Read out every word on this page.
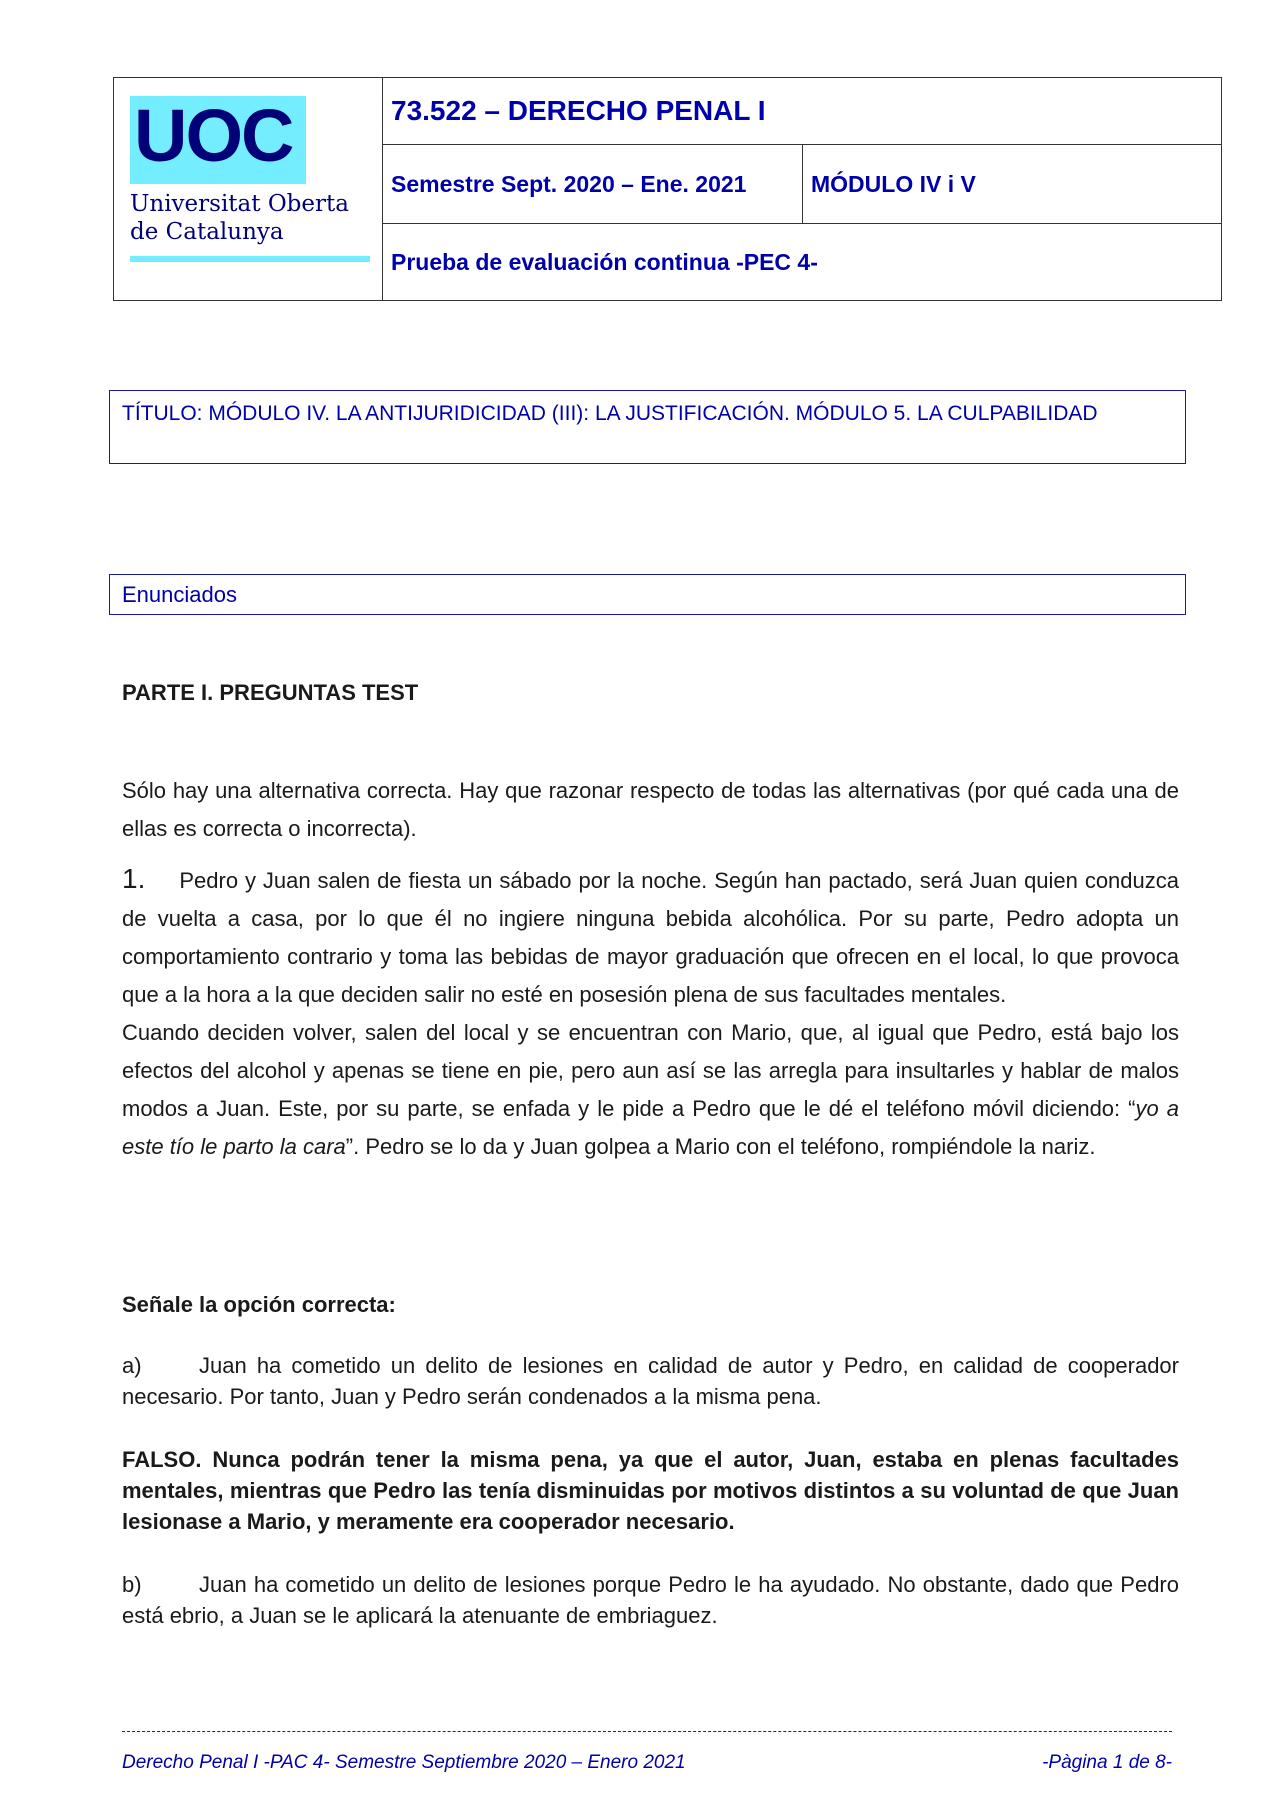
UOC
Universitat Oberta
de Catalunya
73.522 – DERECHO PENAL I
Semestre Sept. 2020 – Ene. 2021	MÓDULO IV i V
Prueba de evaluación continua -PEC 4-
TÍTULO: MÓDULO IV. LA ANTIJURIDICIDAD (III): LA JUSTIFICACIÓN. MÓDULO 5. LA CULPABILIDAD
Enunciados
PARTE I. PREGUNTAS TEST
Sólo hay una alternativa correcta. Hay que razonar respecto de todas las alternativas (por qué cada una de ellas es correcta o incorrecta).
1. Pedro y Juan salen de fiesta un sábado por la noche. Según han pactado, será Juan quien conduzca de vuelta a casa, por lo que él no ingiere ninguna bebida alcohólica. Por su parte, Pedro adopta un comportamiento contrario y toma las bebidas de mayor graduación que ofrecen en el local, lo que provoca que a la hora a la que deciden salir no esté en posesión plena de sus facultades mentales.
Cuando deciden volver, salen del local y se encuentran con Mario, que, al igual que Pedro, está bajo los efectos del alcohol y apenas se tiene en pie, pero aun así se las arregla para insultarles y hablar de malos modos a Juan. Este, por su parte, se enfada y le pide a Pedro que le dé el teléfono móvil diciendo: “yo a este tío le parto la cara”. Pedro se lo da y Juan golpea a Mario con el teléfono, rompiéndole la nariz.
Señale la opción correcta:
a)	Juan ha cometido un delito de lesiones en calidad de autor y Pedro, en calidad de cooperador necesario. Por tanto, Juan y Pedro serán condenados a la misma pena.
FALSO. Nunca podrán tener la misma pena, ya que el autor, Juan, estaba en plenas facultades mentales, mientras que Pedro las tenía disminuidas por motivos distintos a su voluntad de que Juan lesionase a Mario, y meramente era cooperador necesario.
b)	Juan ha cometido un delito de lesiones porque Pedro le ha ayudado. No obstante, dado que Pedro está ebrio, a Juan se le aplicará la atenuante de embriaguez.
Derecho Penal I -PAC 4- Semestre Septiembre 2020 – Enero 2021	-Pàgina 1 de 8-
